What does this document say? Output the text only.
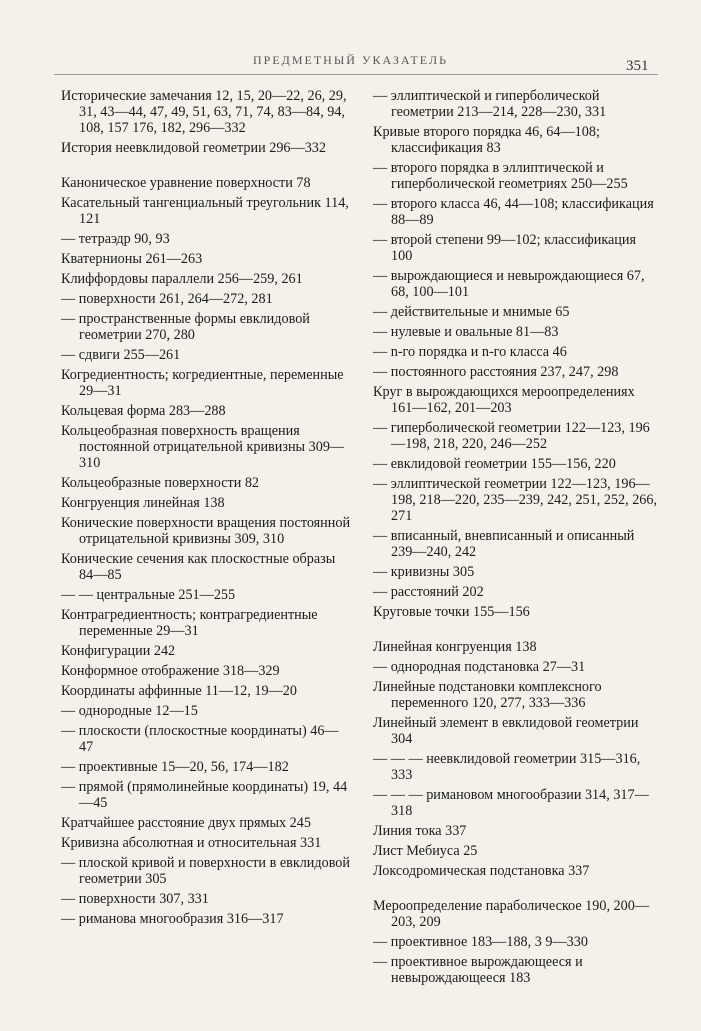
ПРЕДМЕТНЫЙ УКАЗАТЕЛЬ	351
Исторические замечания 12, 15, 20—22, 26, 29, 31, 43—44, 47, 49, 51, 63, 71, 74, 83—84, 94, 108, 157 176, 182, 296—332
История неевклидовой геометрии 296—332
Каноническое уравнение поверхности 78
Касательный тангенциальный треугольник 114, 121
— тетраэдр 90, 93
Кватернионы 261—263
Клиффордовы параллели 256—259, 261
— поверхности 261, 264—272, 281
— пространственные формы евклидовой геометрии 270, 280
— сдвиги 255—261
Когредиентность; когредиентные, переменные 29—31
Кольцевая форма 283—288
Кольцеобразная поверхность вращения постоянной отрицательной кривизны 309—310
Кольцеобразные поверхности 82
Конгруенция линейная 138
Конические поверхности вращения постоянной отрицательной кривизны 309, 310
Конические сечения как плоскостные образы 84—85
— — центральные 251—255
Контрагредиентность; контрагредиентные переменные 29—31
Конфигурации 242
Конформное отображение 318—329
Координаты аффинные 11—12, 19—20
— однородные 12—15
— плоскости (плоскостные координаты) 46—47
— проективные 15—20, 56, 174—182
— прямой (прямолинейные координаты) 19, 44—45
Кратчайшее расстояние двух прямых 245
Кривизна абсолютная и относительная 331
— плоской кривой и поверхности в евклидовой геометрии 305
— поверхности 307, 331
— риманова многообразия 316—317
— эллиптической и гиперболической геометрии 213—214, 228—230, 331
Кривые второго порядка 46, 64—108; классификация 83
— второго порядка в эллиптической и гиперболической геометриях 250—255
— второго класса 46, 44—108; классификация 88—89
— второй степени 99—102; классификация 100
— вырождающиеся и невырождающиеся 67, 68, 100—101
— действительные и мнимые 65
— нулевые и овальные 81—83
— n-го порядка и n-го класса 46
— постоянного расстояния 237, 247, 298
Круг в вырождающихся мероопределениях 161—162, 201—203
— гиперболической геометрии 122—123, 196—198, 218, 220, 246—252
— евклидовой геометрии 155—156, 220
— эллиптической геометрии 122—123, 196—198, 218—220, 235—239, 242, 251, 252, 266, 271
— вписанный, вневписанный и описанный 239—240, 242
— кривизны 305
— расстояний 202
Круговые точки 155—156
Линейная конгруенция 138
— однородная подстановка 27—31
Линейные подстановки комплексного переменного 120, 277, 333—336
Линейный элемент в евклидовой геометрии 304
— — — неевклидовой геометрии 315—316, 333
— — — римановом многообразии 314, 317—318
Линия тока 337
Лист Мебиуса 25
Локсодромическая подстановка 337
Мероопределение параболическое 190, 200—203, 209
— проективное 183—188, 3 9—330
— проективное вырождающееся и невырождающееся 183
